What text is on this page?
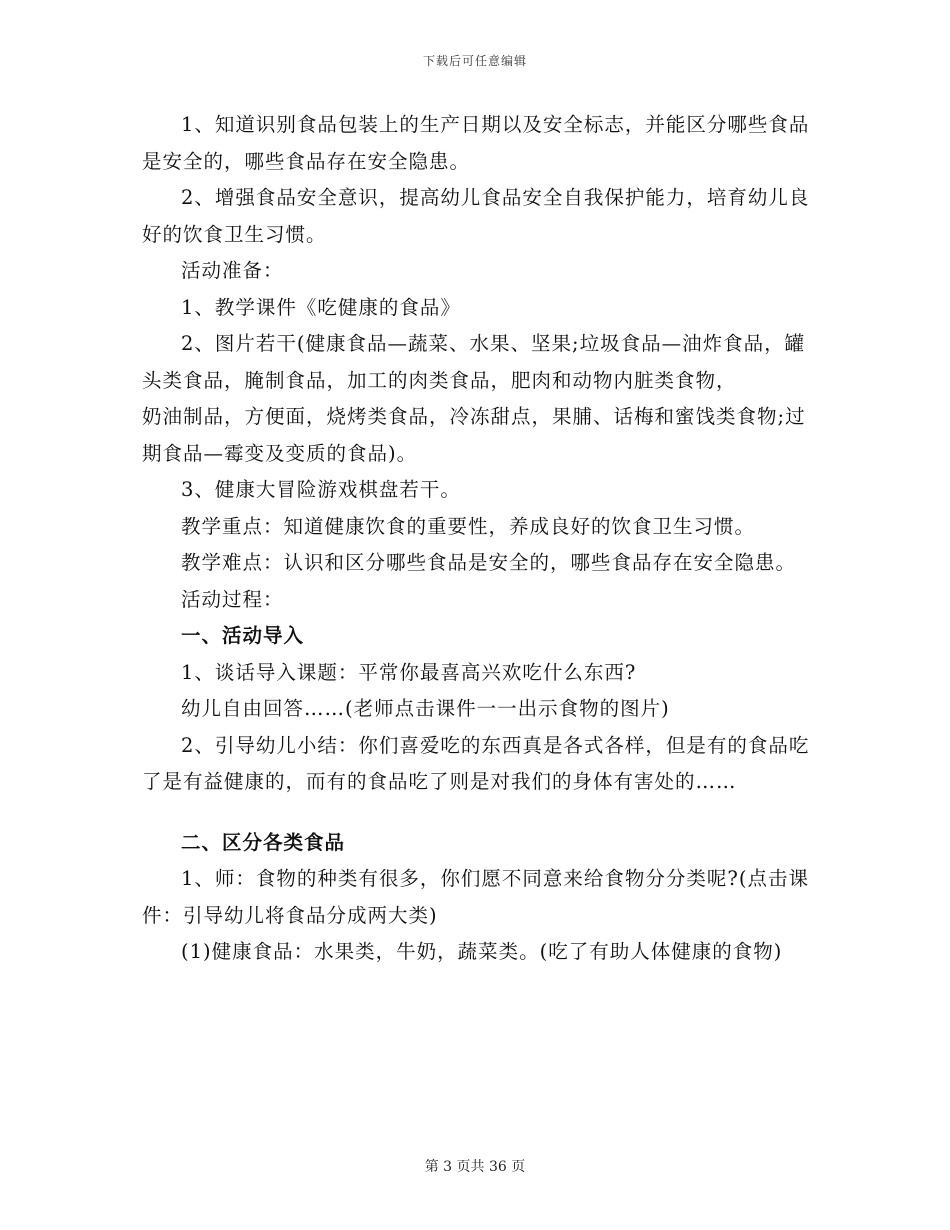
下载后可任意编辑

1、知道识别食品包装上的生产日期以及安全标志，并能区分哪些食品是安全的，哪些食品存在安全隐患。

2、增强食品安全意识，提高幼儿食品安全自我保护能力，培育幼儿良好的饮食卫生习惯。

活动准备：

1、教学课件《吃健康的食品》

2、图片若干(健康食品—蔬菜、水果、坚果;垃圾食品—油炸食品，罐头类食品，腌制食品，加工的肉类食品，肥肉和动物内脏类食物，

奶油制品，方便面，烧烤类食品，冷冻甜点，果脯、话梅和蜜饯类食物;过期食品—霉变及变质的食品)。

3、健康大冒险游戏棋盘若干。

教学重点：知道健康饮食的重要性，养成良好的饮食卫生习惯。

教学难点：认识和区分哪些食品是安全的，哪些食品存在安全隐患。

活动过程：

一、活动导入

1、谈话导入课题：平常你最喜高兴欢吃什么东西?

幼儿自由回答……(老师点击课件一一出示食物的图片)

2、引导幼儿小结：你们喜爱吃的东西真是各式各样，但是有的食品吃了是有益健康的，而有的食品吃了则是对我们的身体有害处的……

二、区分各类食品

1、师：食物的种类有很多，你们愿不同意来给食物分分类呢?(点击课件：引导幼儿将食品分成两大类)

(1)健康食品：水果类，牛奶，蔬菜类。(吃了有助人体健康的食物)

第 3 页共 36 页
